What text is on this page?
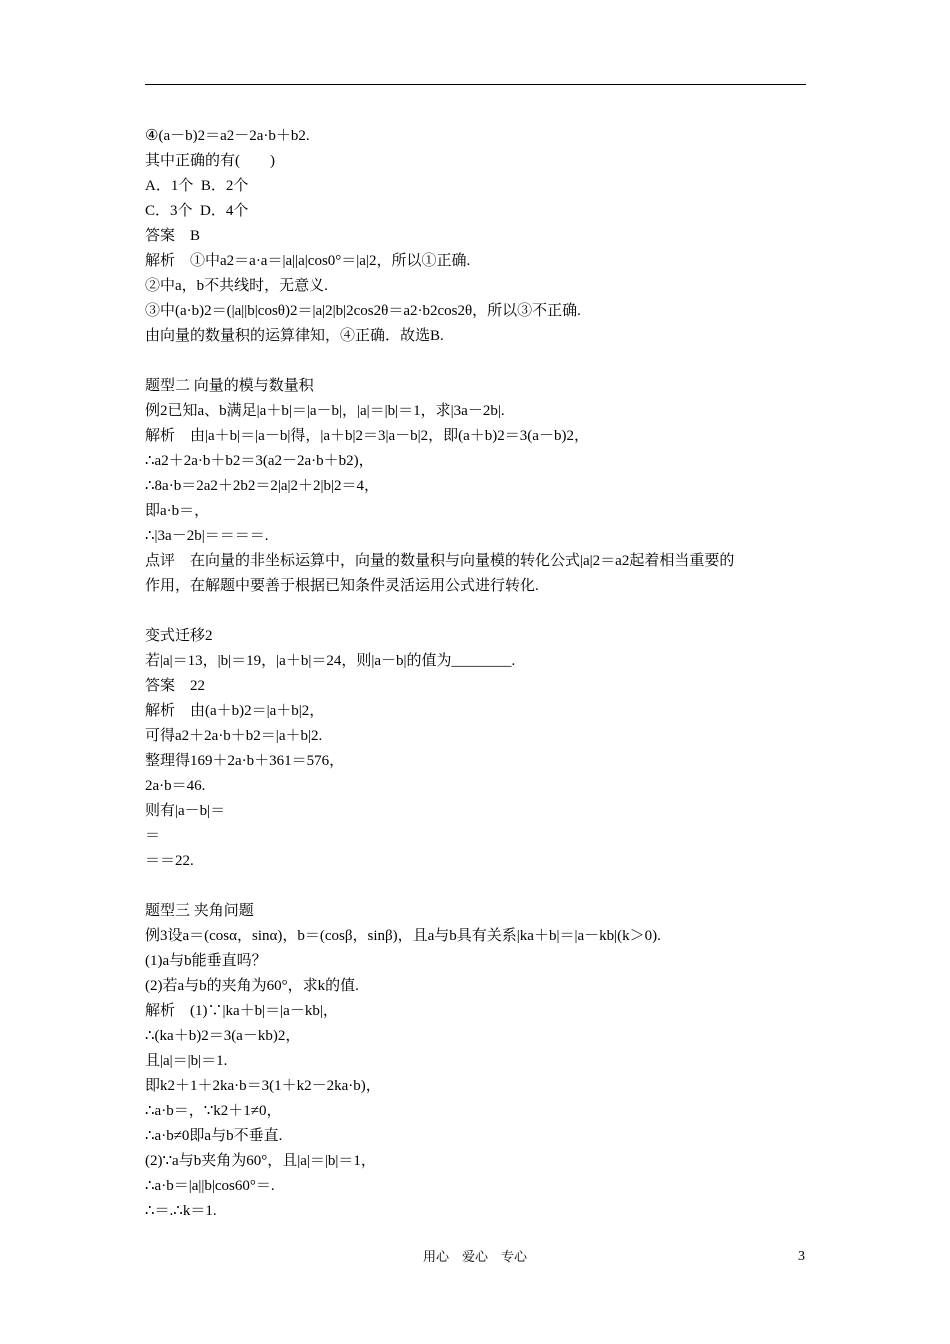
④(a－b)2＝a2－2a·b＋b2.
其中正确的有(　　)
A．1个  B．2个
C．3个  D．4个
答案　B
解析　①中a2＝a·a＝|a||a|cos0°＝|a|2，所以①正确.
②中a，b不共线时，无意义.
③中(a·b)2＝(|a||b|cosθ)2＝|a|2|b|2cos2θ＝a2·b2cos2θ，所以③不正确.
由向量的数量积的运算律知，④正确．故选B.
题型二 向量的模与数量积
例2已知a、b满足|a＋b|＝|a－b|，|a|＝|b|＝1，求|3a－2b|.
解析　由|a＋b|＝|a－b|得，|a＋b|2＝3|a－b|2，即(a＋b)2＝3(a－b)2，
∴a2＋2a·b＋b2＝3(a2－2a·b＋b2)，
∴8a·b＝2a2＋2b2＝2|a|2＋2|b|2＝4，
即a·b＝，
∴|3a－2b|＝＝＝＝.
点评　在向量的非坐标运算中，向量的数量积与向量模的转化公式|a|2＝a2起着相当重要的
作用，在解题中要善于根据已知条件灵活运用公式进行转化.
变式迁移2
若|a|＝13，|b|＝19，|a＋b|＝24，则|a－b|的值为________.
答案　22
解析　由(a＋b)2＝|a＋b|2，
可得a2＋2a·b＋b2＝|a＋b|2.
整理得169＋2a·b＋361＝576，
2a·b＝46.
则有|a－b|＝
＝
＝＝22.
题型三 夹角问题
例3设a＝(cosα，sinα)，b＝(cosβ，sinβ)，且a与b具有关系|ka＋b|＝|a－kb|(k＞0).
(1)a与b能垂直吗？
(2)若a与b的夹角为60°，求k的值.
解析　(1)∵|ka＋b|＝|a－kb|，
∴(ka＋b)2＝3(a－kb)2，
且|a|＝|b|＝1.
即k2＋1＋2ka·b＝3(1＋k2－2ka·b)，
∴a·b＝，∵k2＋1≠0，
∴a·b≠0即a与b不垂直.
(2)∵a与b夹角为60°，且|a|＝|b|＝1，
∴a·b＝|a||b|cos60°＝.
∴＝.∴k＝1.
用心　爱心　专心	3
